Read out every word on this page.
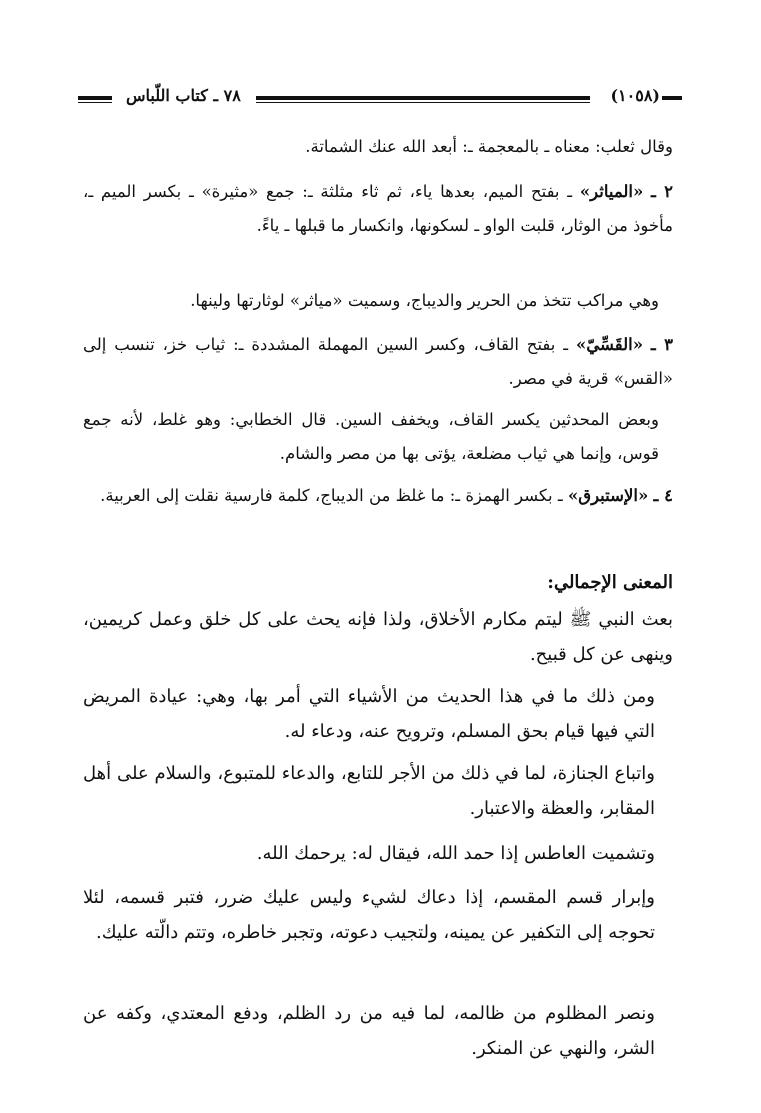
٧٨ ـ كتاب اللّباس	(١٠٥٨)

وقال ثعلب: معناه ـ بالمعجمة ـ: أبعد الله عنك الشماتة.

٢ ـ «المياثر» ـ بفتح الميم، بعدها ياء، ثم ثاء مثلثة ـ: جمع «مثيرة» ـ بكسر الميم ـ، مأخوذ من الوثار، قلبت الواو ـ لسكونها، وانكسار ما قبلها ـ ياءً.

وهي مراكب تتخذ من الحرير والديباج، وسميت «مياثر» لوثارتها ولينها.

٣ ـ «القَسِّيّ» ـ بفتح القاف، وكسر السين المهملة المشددة ـ: ثياب خز، تنسب إلى «القس» قرية في مصر.

وبعض المحدثين يكسر القاف، ويخفف السين. قال الخطابي: وهو غلط، لأنه جمع قوس، وإنما هي ثياب مضلعة، يؤتى بها من مصر والشام.

٤ ـ «الإستبرق» ـ بكسر الهمزة ـ: ما غلظ من الديباج، كلمة فارسية نقلت إلى العربية.

المعنى الإجمالي:

بعث النبي ﷺ ليتم مكارم الأخلاق، ولذا فإنه يحث على كل خلق وعمل كريمين، وينهى عن كل قبيح.

ومن ذلك ما في هذا الحديث من الأشياء التي أمر بها، وهي: عيادة المريض التي فيها قيام بحق المسلم، وترويح عنه، ودعاء له.

واتباع الجنازة، لما في ذلك من الأجر للتابع، والدعاء للمتبوع، والسلام على أهل المقابر، والعظة والاعتبار.

وتشميت العاطس إذا حمد الله، فيقال له: يرحمك الله.

وإبرار قسم المقسم، إذا دعاك لشيء وليس عليك ضرر، فتبر قسمه، لئلا تحوجه إلى التكفير عن يمينه، ولتجيب دعوته، وتجبر خاطره، وتتم دالّته عليك.

ونصر المظلوم من ظالمه، لما فيه من رد الظلم، ودفع المعتدي، وكفه عن الشر، والنهي عن المنكر.
